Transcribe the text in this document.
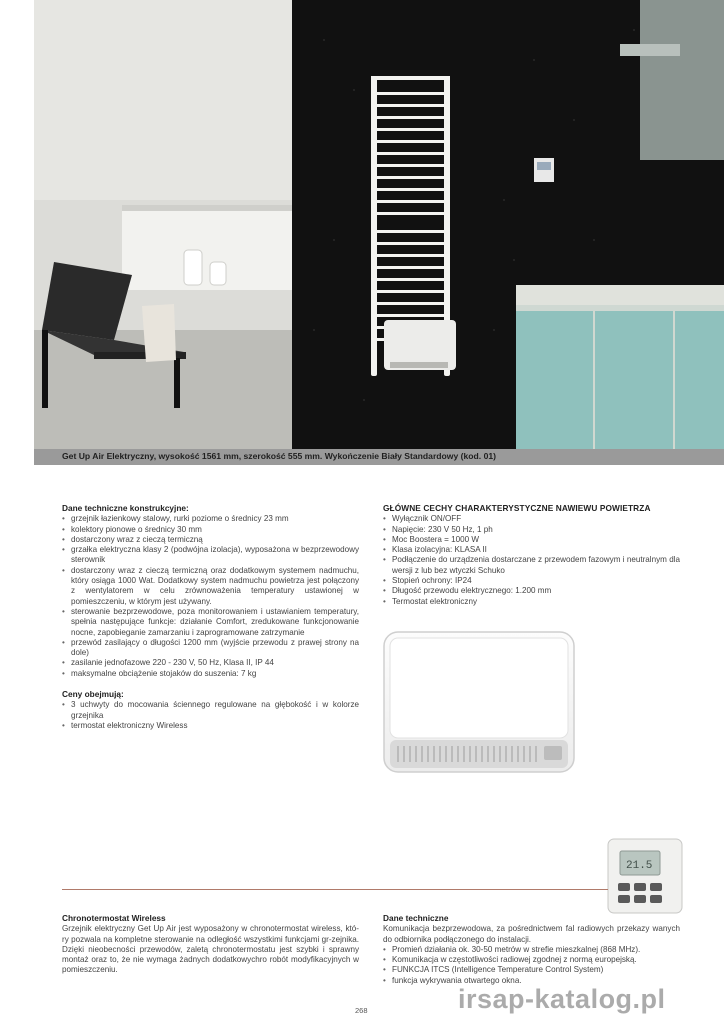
Get Up Air Elektryczny, wysokość 1561 mm, szerokość 555 mm. Wykończenie Biały Standardowy (kod. 01)
Dane techniczne konstrukcyjne:
• grzejnik łazienkowy stalowy, rurki poziome o średnicy 23 mm
• kolektory pionowe o średnicy 30 mm
• dostarczony wraz z cieczą termiczną
• grzałka elektryczna klasy 2 (podwójna izolacja), wyposażona w bezprzewodowy sterownik
• dostarczony wraz z cieczą termiczną oraz dodatkowym systemem nadmuchu, który osiąga 1000 Wat. Dodatkowy system nadmuchu powietrza jest połączony z wentylatorem w celu zrównoważenia temperatury ustawionej w pomieszczeniu, w którym jest używany.
• sterowanie bezprzewodowe, poza monitorowaniem i ustawianiem temperatury, spełnia następujące funkcje: działanie Comfort, zredukowane funkcjonowanie nocne, zapobieganie zamarzaniu i zaprogramowane zatrzymanie
• przewód zasilający o długości 1200 mm (wyjście przewodu z prawej strony na dole)
• zasilanie jednofazowe 220 - 230 V, 50 Hz, Klasa II, IP 44
• maksymalne obciążenie stojaków do suszenia: 7 kg
Ceny obejmują:
• 3 uchwyty do mocowania ściennego regulowane na głębokość i w kolorze grzejnika
• termostat elektroniczny Wireless
GŁÓWNE CECHY CHARAKTERYSTYCZNE NAWIEWU POWIETRZA
• Wyłącznik ON/OFF
• Napięcie: 230 V 50 Hz, 1 ph
• Moc Boostera = 1000 W
• Klasa izolacyjna: KLASA II
• Podłączenie do urządzenia dostarczane z przewodem fazowym i neutralnym dla wersji z lub bez wtyczki Schuko
• Stopień ochrony: IP24
• Długość przewodu elektrycznego: 1.200 mm
• Termostat elektroniczny
21.5
Chronotermostat Wireless
Grzejnik elektryczny Get Up Air jest wyposażony w chronotermostat wireless, któ- ry pozwala na kompletne sterowanie na odległość wszystkimi funkcjami gr-zejnika. Dzięki nieobecności przewodów, zaletą chronotermostatu jest szybki i sprawny montaż oraz to, że nie wymaga żadnych dodatkowychro robót modyfikacyjnych w pomieszczeniu.
Dane techniczne
Komunikacja bezprzewodowa, za pośrednictwem fal radiowych przekazy wanych do odbiornika podłączonego do instalacji.
• Promień działania ok. 30-50 metrów w strefie mieszkalnej (868 MHz).
• Komunikacja w częstotliwości radiowej zgodnej z normą europejską.
• FUNKCJA ITCS (Intelligence Temperature Control System)
• funkcja wykrywania otwartego okna.
268	irsap-katalog.pl
